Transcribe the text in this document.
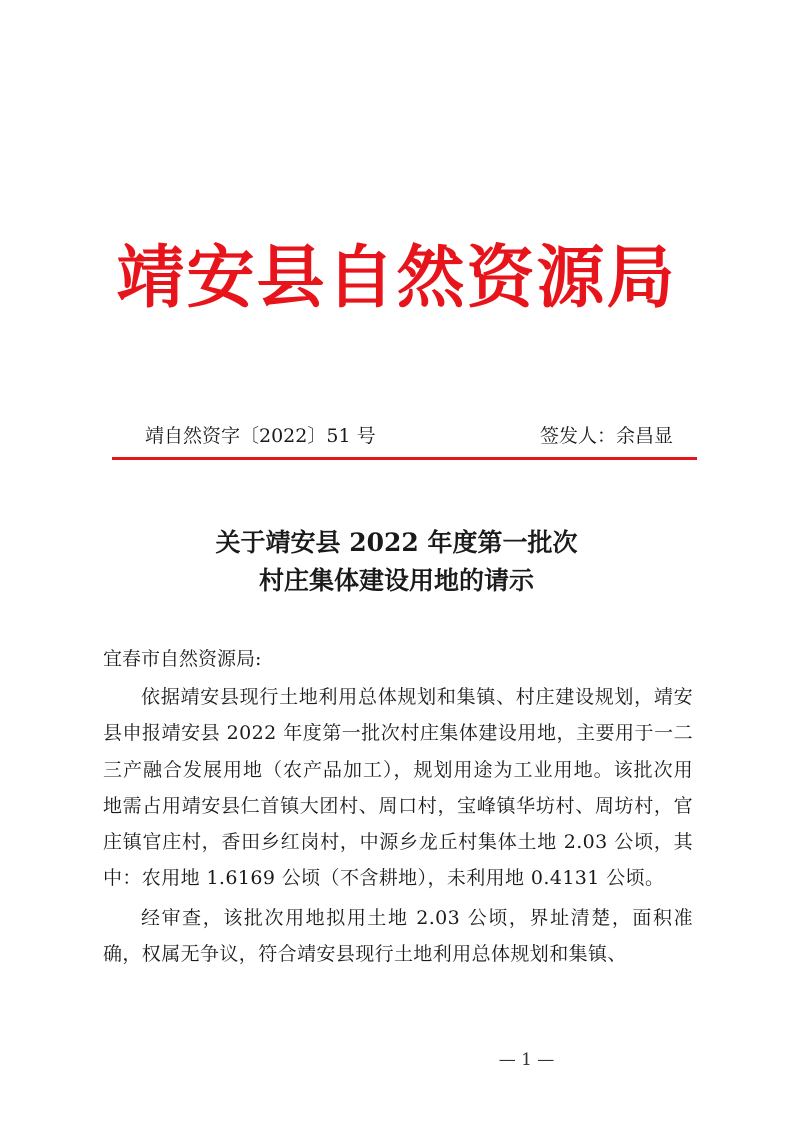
靖安县自然资源局
靖自然资字〔2022〕51 号	签发人：余昌显
关于靖安县 2022 年度第一批次
村庄集体建设用地的请示
宜春市自然资源局:

依据靖安县现行土地利用总体规划和集镇、村庄建设规划，靖安县申报靖安县 2022 年度第一批次村庄集体建设用地，主要用于一二三产融合发展用地（农产品加工），规划用途为工业用地。该批次用地需占用靖安县仁首镇大团村、周口村，宝峰镇华坊村、周坊村，官庄镇官庄村，香田乡红岗村，中源乡龙丘村集体土地 2.03 公顷，其中：农用地 1.6169 公顷（不含耕地），未利用地 0.4131 公顷。

经审查，该批次用地拟用土地 2.03 公顷，界址清楚，面积准确，权属无争议，符合靖安县现行土地利用总体规划和集镇、

— 1 —
